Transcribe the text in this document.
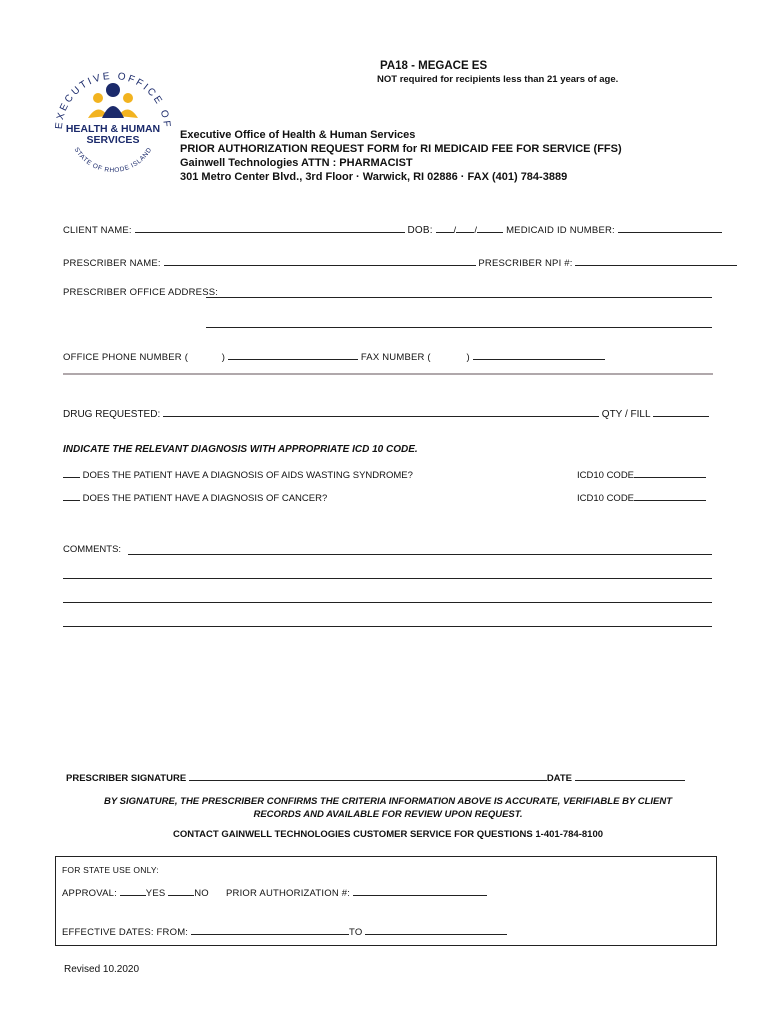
EXECUTIVE OFFICE OF
STATE OF RHODE ISLAND
HEALTH & HUMAN
SERVICES
PA18 - MEGACE ES
NOT required for recipients less than 21 years of age.
Executive Office of Health & Human Services
PRIOR AUTHORIZATION REQUEST FORM for RI MEDICAID FEE FOR SERVICE (FFS)
Gainwell Technologies ATTN : PHARMACIST
301 Metro Center Blvd., 3rd Floor · Warwick, RI 02886 · FAX (401) 784-3889
CLIENT NAME:	DOB: / /	MEDICAID ID NUMBER:
PRESCRIBER NAME:	PRESCRIBER NPI #:
PRESCRIBER OFFICE ADDRESS:
OFFICE PHONE NUMBER (	)	FAX NUMBER (	)
DRUG REQUESTED:	QTY / FILL
INDICATE THE RELEVANT DIAGNOSIS WITH APPROPRIATE ICD 10 CODE.
DOES THE PATIENT HAVE A DIAGNOSIS OF AIDS WASTING SYNDROME?	ICD10 CODE
DOES THE PATIENT HAVE A DIAGNOSIS OF CANCER?	ICD10 CODE
COMMENTS:
PRESCRIBER SIGNATURE	DATE
BY SIGNATURE, THE PRESCRIBER CONFIRMS THE CRITERIA INFORMATION ABOVE IS ACCURATE, VERIFIABLE BY CLIENT
RECORDS AND AVAILABLE FOR REVIEW UPON REQUEST.
CONTACT GAINWELL TECHNOLOGIES CUSTOMER SERVICE FOR QUESTIONS 1-401-784-8100
FOR STATE USE ONLY:
APPROVAL:	YES	NO PRIOR AUTHORIZATION #:
EFFECTIVE DATES: FROM:	TO
Revised 10.2020
